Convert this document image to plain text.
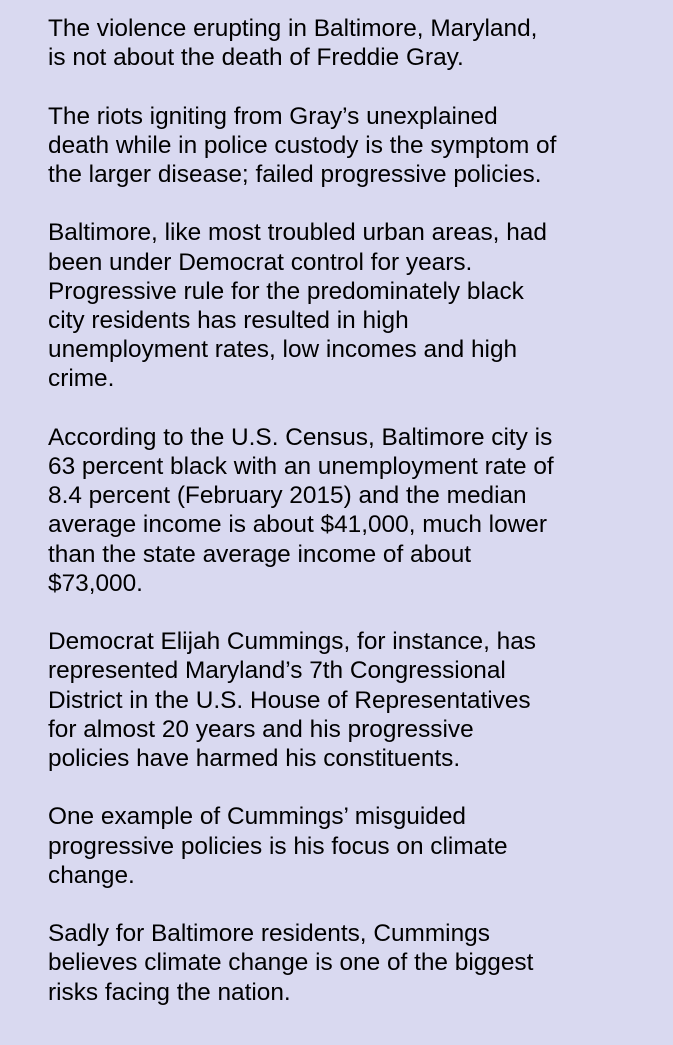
The violence erupting in Baltimore, Maryland,
is not about the death of Freddie Gray.

The riots igniting from Gray’s unexplained
death while in police custody is the symptom of
the larger disease; failed progressive policies.

Baltimore, like most troubled urban areas, had
been under Democrat control for years.
Progressive rule for the predominately black
city residents has resulted in high
unemployment rates, low incomes and high
crime.

According to the U.S. Census, Baltimore city is
63 percent black with an unemployment rate of
8.4 percent (February 2015) and the median
average income is about $41,000, much lower
than the state average income of about
$73,000.

Democrat Elijah Cummings, for instance, has
represented Maryland’s 7th Congressional
District in the U.S. House of Representatives
for almost 20 years and his progressive
policies have harmed his constituents.

One example of Cummings’ misguided
progressive policies is his focus on climate
change.

Sadly for Baltimore residents, Cummings
believes climate change is one of the biggest
risks facing the nation.
